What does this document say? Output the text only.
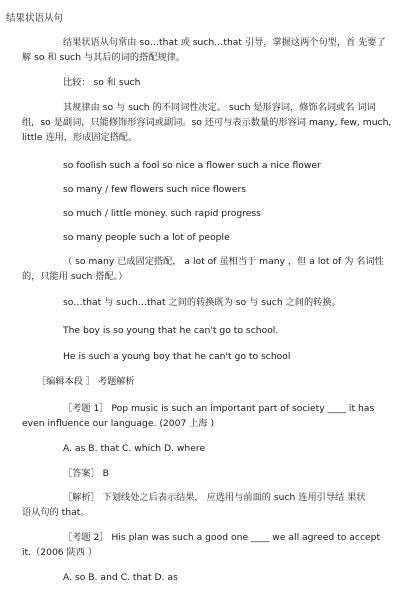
结果状语从句
结果状语从句常由 so…that 或 such…that 引导，掌握这两个句型，首 先要了
解 so 和 such 与其后的词的搭配规律。
比较： so 和 such
其规律由 so 与 such 的不同词性决定。 such 是形容词，修饰名词或名 词词
组，so 是副词，只能修饰形容词或副词。so 还可与表示数量的形容词 many, few, much,
little 连用，形成固定搭配。
so foolish such a fool so nice a flower such a nice flower
so many / few flowers such nice flowers
so much / little money. such rapid progress
so many people such a lot of people
（ so many 已成固定搭配， a lot of 虽相当于 many ，但 a lot of 为 名词性
的，只能用 such 搭配。）
so…that 与 such…that 之间的转换既为 so 与 such 之间的转换。
The boy is so young that he can't go to school.
He is such a young boy that he can't go to school
［编辑本段 ］ 考题解析
［考题 1］ Pop music is such an important part of society ____ it has
even influence our language. (2007 上海 )
A. as B. that C. which D. where
［答案］ B
［解析］ 下划线处之后表示结果， 应选用与前面的 such 连用引导结 果状
语从句的 that。
［考题 2］ His plan was such a good one ____ we all agreed to accept
it.（2006 陕西 ）
A. so B. and C. that D. as
